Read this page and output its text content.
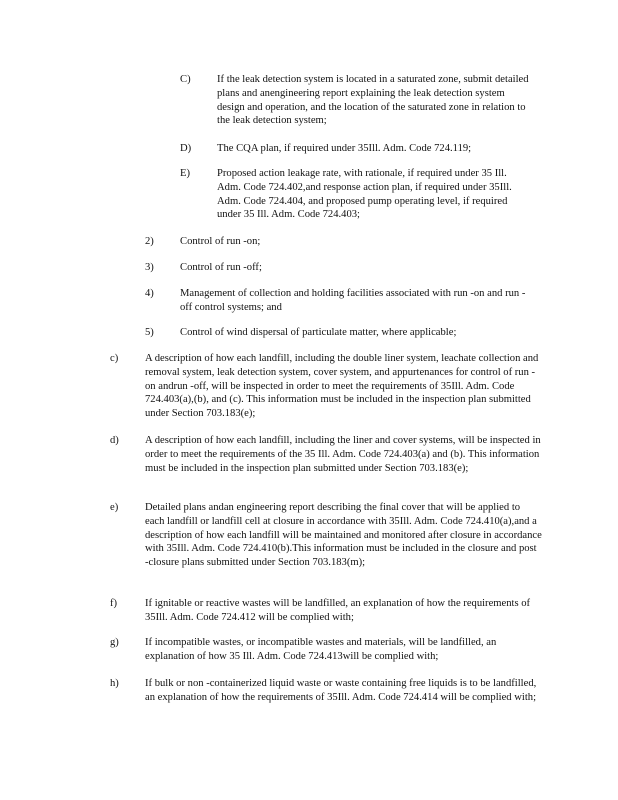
C) If the leak detection system is located in a saturated zone, submit detailed plans and anengineering report explaining the leak detection system design and operation, and the location of the saturated zone in relation to the leak detection system;
D) The CQA plan, if required under 35Ill. Adm. Code 724.119;
E)	Proposed action leakage rate, with rationale, if required under 35 Ill. Adm. Code 724.402,and response action plan, if required under 35Ill. Adm. Code 724.404, and proposed pump operating level, if required under 35 Ill. Adm. Code 724.403;
2) Control of run -on;
3) Control of run -off;
4) Management of collection and holding facilities associated with run -on and run -off control systems; and
5) Control of wind dispersal of particulate matter, where applicable;
c)	A description of how each landfill, including the double liner system, leachate collection and removal system, leak detection system, cover system, and appurtenances for control of run -on andrun -off, will be inspected in order to meet the requirements of 35Ill. Adm. Code 724.403(a),(b), and (c). This information must be included in the inspection plan submitted under Section 703.183(e);
d) A description of how each landfill, including the liner and cover systems, will be inspected in order to meet the requirements of the 35 Ill. Adm. Code 724.403(a) and (b). This information must be included in the inspection plan submitted under Section 703.183(e);
e)	Detailed plans andan engineering report describing the final cover that will be applied to each landfill or landfill cell at closure in accordance with 35Ill. Adm. Code 724.410(a),and a description of how each landfill will be maintained and monitored after closure in accordance with 35Ill. Adm. Code 724.410(b).This information must be included in the closure and post -closure plans submitted under Section 703.183(m);
f)	If ignitable or reactive wastes will be landfilled, an explanation of how the requirements of 35Ill. Adm. Code 724.412 will be complied with;
g) If incompatible wastes, or incompatible wastes and materials, will be landfilled, an explanation of how 35 Ill. Adm. Code 724.413will be complied with;
h) If bulk or non -containerized liquid waste or waste containing free liquids is to be landfilled, an explanation of how the requirements of 35Ill. Adm. Code 724.414 will be complied with;
